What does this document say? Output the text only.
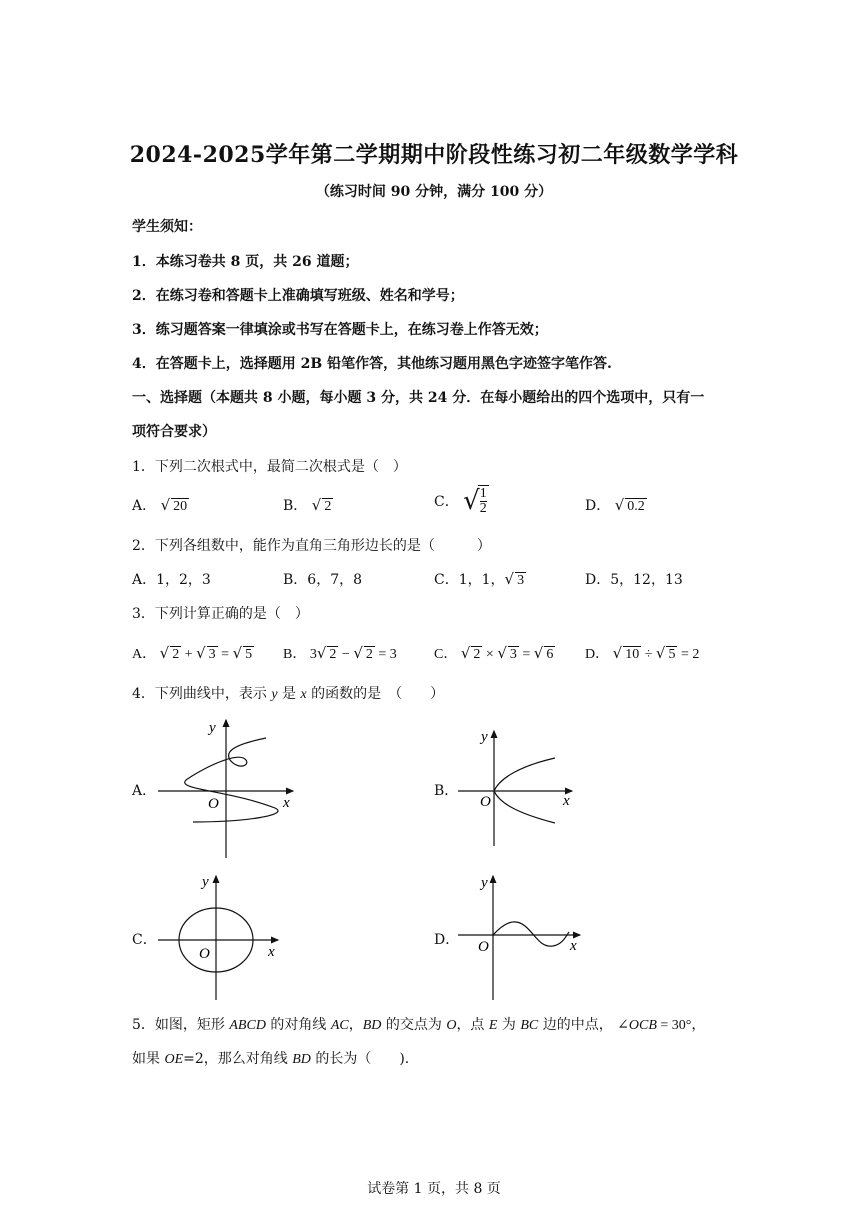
2024-2025学年第二学期期中阶段性练习初二年级数学学科
（练习时间 90 分钟，满分 100 分）
学生须知：
1．本练习卷共 8 页，共 26 道题；
2．在练习卷和答题卡上准确填写班级、姓名和学号；
3．练习题答案一律填涂或书写在答题卡上，在练习卷上作答无效；
4．在答题卡上，选择题用 2B 铅笔作答，其他练习题用黑色字迹签字笔作答.
一、选择题（本题共 8 小题，每小题 3 分，共 24 分．在每小题给出的四个选项中，只有一
项符合要求）
1．下列二次根式中，最简二次根式是（　）
A． √ 20	B． √ 2	C． √
$\frac{1}{2}$	D． √ 0.2
2．下列各组数中，能作为直角三角形边长的是（　　　）
A．1，2，3	B．6，7，8	C．1，1，√ 3	D．5，12，13
3．下列计算正确的是（　）
A． √ 2 + √ 3 = √ 5 B． 3√ 2 − √ 2 = 3	C． √ 2 × √ 3 = √ 6 D． √ 10 ÷ √ 5 = 2
4．下列曲线中，表示 y 是 x 的函数的是　（　　）
A．	B．
C．	D．
y
O	x
y
O	x
y
O	x
y
O	x
5．如图，矩形 ABCD 的对角线 AC，BD 的交点为 O，点 E 为 BC 边的中点， ∠OCB = 30°，
如果 OE=2，那么对角线 BD 的长为（　　).
试卷第 1 页，共 8 页
